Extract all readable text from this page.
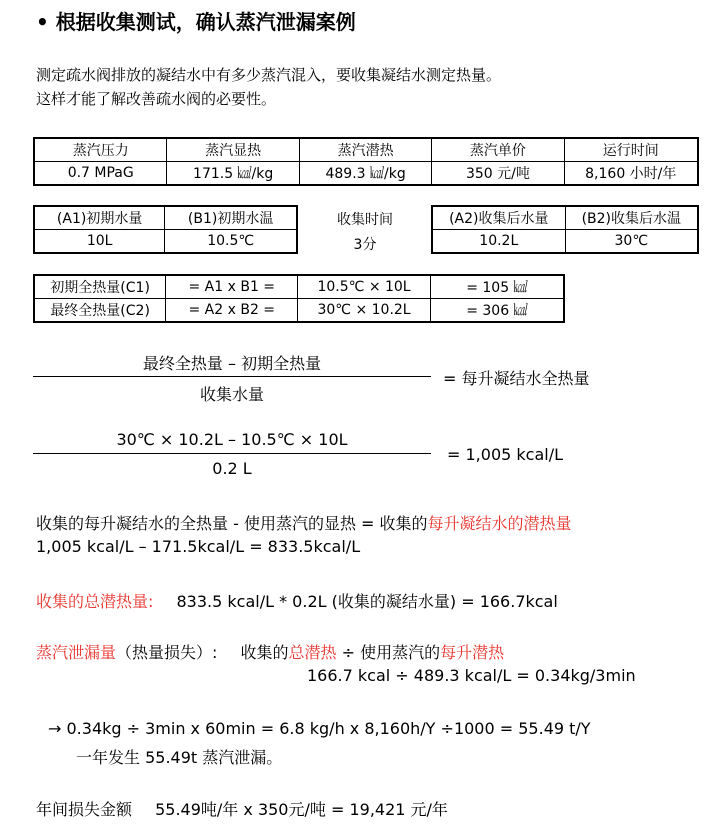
• 根据收集测试，确认蒸汽泄漏案例
测定疏水阀排放的凝结水中有多少蒸汽混入，要收集凝结水测定热量。
这样才能了解改善疏水阀的必要性。
蒸汽压力	蒸汽显热	蒸汽潜热	蒸汽单价	运行时间
0.7 MPaG	171.5 ㎉/kg	489.3 ㎉/kg	350 元/吨	8,160 小时/年
(A1)初期水量	(B1)初期水温
10L	10.5℃
收集时间
3分
(A2)收集后水量	(B2)收集后水温
10.2L	30℃
初期全热量(C1)	= A1 x B1 =	10.5℃ × 10L	= 105 ㎉
最终全热量(C2)	= A2 x B2 =	30℃ × 10.2L	= 306 ㎉
最终全热量 – 初期全热量
收集水量
= 每升凝结水全热量
30℃ × 10.2L – 10.5℃ × 10L
0.2 L
= 1,005 kcal/L
收集的每升凝结水的全热量 - 使用蒸汽的显热 = 收集的每升凝结水的潜热量
1,005 kcal/L – 171.5kcal/L = 833.5kcal/L
收集的总潜热量: 833.5 kcal/L * 0.2L (收集的凝结水量) = 166.7kcal
蒸汽泄漏量（热量损失）: 收集的总潜热 ÷ 使用蒸汽的每升潜热
166.7 kcal ÷ 489.3 kcal/L = 0.34kg/3min
→ 0.34kg ÷ 3min x 60min = 6.8 kg/h x 8,160h/Y ÷1000 = 55.49 t/Y
一年发生 55.49t 蒸汽泄漏。
年间损失金额 55.49吨/年 x 350元/吨 = 19,421 元/年
